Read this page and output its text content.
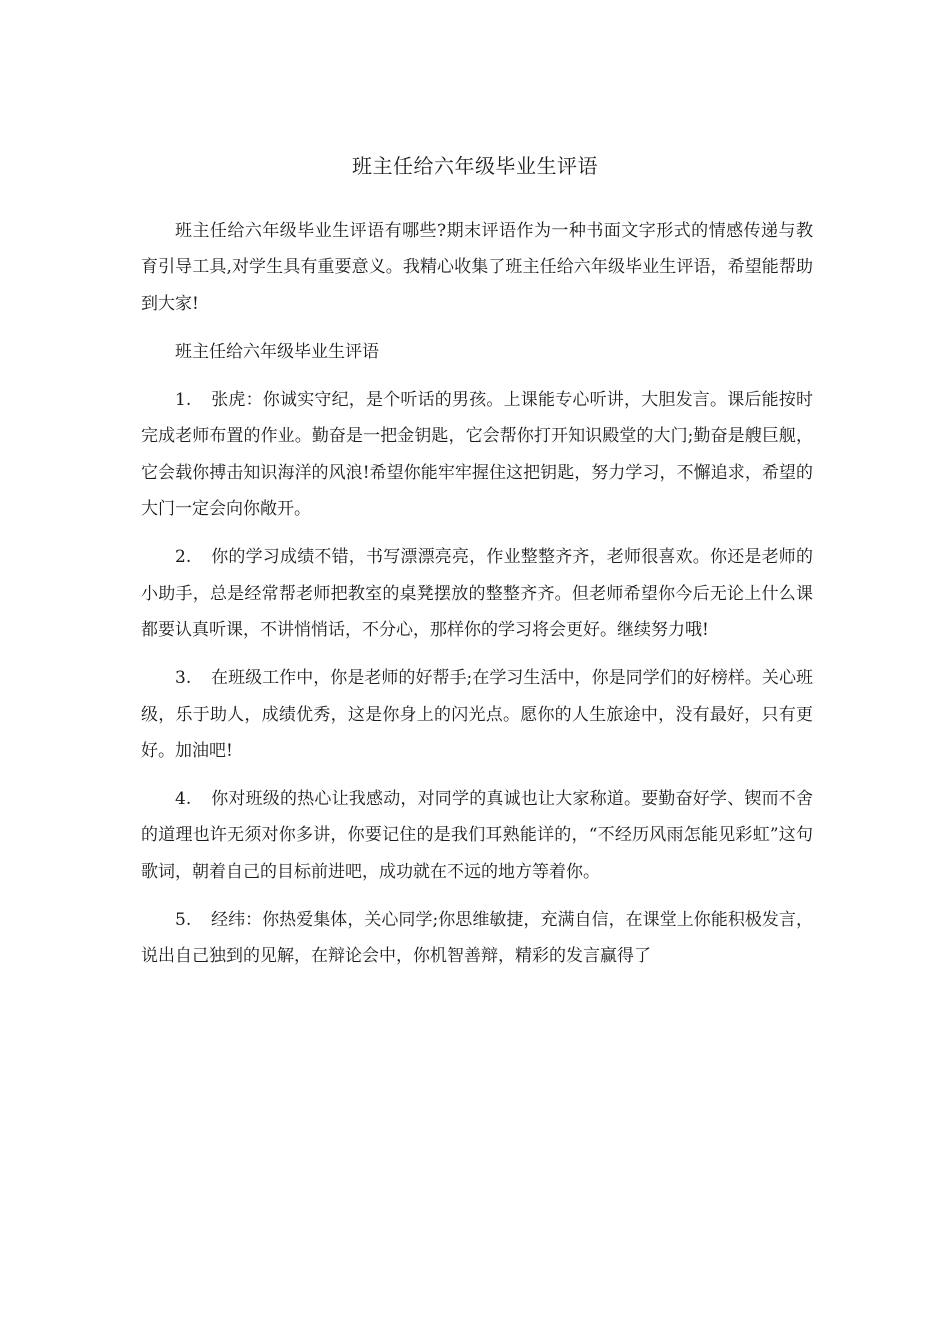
班主任给六年级毕业生评语

班主任给六年级毕业生评语有哪些?期末评语作为一种书面文字形式的情感传递与教育引导工具,对学生具有重要意义。我精心收集了班主任给六年级毕业生评语，希望能帮助到大家!

班主任给六年级毕业生评语

1. 张虎：你诚实守纪，是个听话的男孩。上课能专心听讲，大胆发言。课后能按时完成老师布置的作业。勤奋是一把金钥匙，它会帮你打开知识殿堂的大门;勤奋是艘巨舰，它会载你搏击知识海洋的风浪!希望你能牢牢握住这把钥匙，努力学习，不懈追求，希望的大门一定会向你敞开。

2. 你的学习成绩不错，书写漂漂亮亮，作业整整齐齐，老师很喜欢。你还是老师的小助手，总是经常帮老师把教室的桌凳摆放的整整齐齐。但老师希望你今后无论上什么课都要认真听课，不讲悄悄话，不分心，那样你的学习将会更好。继续努力哦!

3. 在班级工作中，你是老师的好帮手;在学习生活中，你是同学们的好榜样。关心班级，乐于助人，成绩优秀，这是你身上的闪光点。愿你的人生旅途中，没有最好，只有更好。加油吧!

4. 你对班级的热心让我感动，对同学的真诚也让大家称道。要勤奋好学、锲而不舍的道理也许无须对你多讲，你要记住的是我们耳熟能详的，“不经历风雨怎能见彩虹”这句歌词，朝着自己的目标前进吧，成功就在不远的地方等着你。

5. 经纬：你热爱集体，关心同学;你思维敏捷，充满自信，在课堂上你能积极发言，说出自己独到的见解，在辩论会中，你机智善辩，精彩的发言赢得了
